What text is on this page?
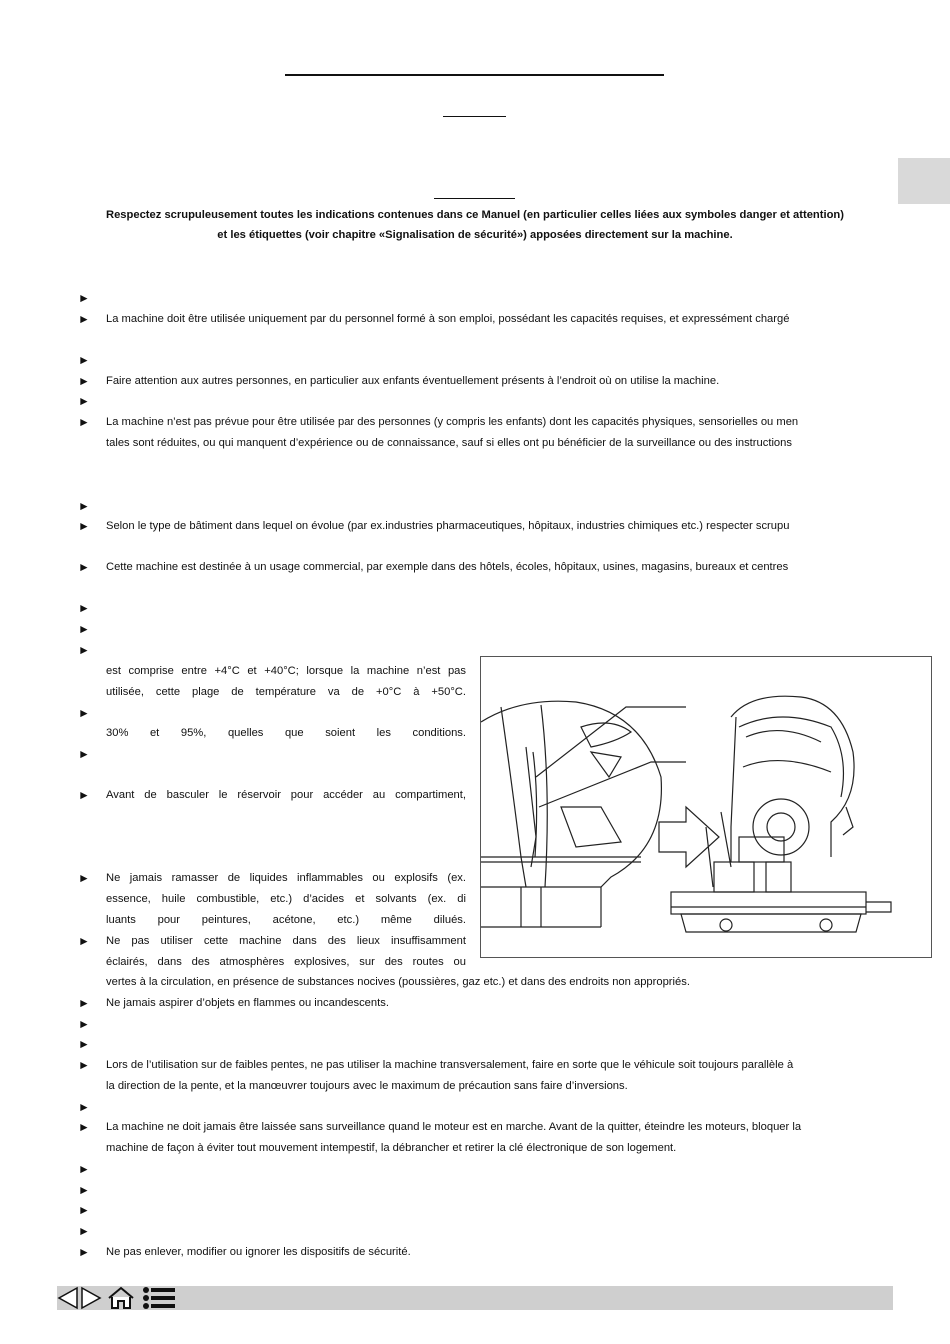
Respectez scrupuleusement toutes les indications contenues dans ce Manuel (en particulier celles liées aux symboles danger et attention)
et les étiquettes (voir chapitre «Signalisation de sécurité») apposées directement sur la machine.
►
► La machine doit être utilisée uniquement par du personnel formé à son emploi, possédant les capacités requises, et expressément chargé
►
► Faire attention aux autres personnes, en particulier aux enfants éventuellement présents à l’endroit où on utilise la machine.
►
► La machine n’est pas prévue pour être utilisée par des personnes (y compris les enfants) dont les capacités physiques, sensorielles ou men
►
► Selon le type de bâtiment dans lequel on évolue (par ex.industries pharmaceutiques, hôpitaux, industries chimiques etc.) respecter scrupu
► Cette machine est destinée à un usage commercial, par exemple dans des hôtels, écoles, hôpitaux, usines, magasins, bureaux et centres
►
►
►
►
►
► Avant de basculer le réservoir pour accéder au compartiment,
► Ne jamais ramasser de liquides inflammables ou explosifs (ex.
► Ne pas utiliser cette machine dans des lieux insuffisamment
► Ne jamais aspirer d’objets en flammes ou incandescents.
►
►
► Lors de l’utilisation sur de faibles pentes, ne pas utiliser la machine transversalement, faire en sorte que le véhicule soit toujours parallèle à
►
► La machine ne doit jamais être laissée sans surveillance quand le moteur est en marche. Avant de la quitter, éteindre les moteurs, bloquer la
►
►
►
►
► Ne pas enlever, modifier ou ignorer les dispositifs de sécurité.
tales sont réduites, ou qui manquent d’expérience ou de connaissance, sauf si elles ont pu bénéficier de la surveillance ou des instructions
est comprise entre +4°C et +40°C; lorsque la machine n’est pas
utilisée, cette plage de température va de +0°C à +50°C.
30% et 95%, quelles que soient les conditions.
essence, huile combustible, etc.) d’acides et solvants (ex. di
luants pour peintures, acétone, etc.) même dilués.
éclairés, dans des atmosphères explosives, sur des routes ou
vertes à la circulation, en présence de substances nocives (poussières, gaz etc.) et dans des endroits non appropriés.
la direction de la pente, et la manœuvrer toujours avec le maximum de précaution sans faire d’inversions.
machine de façon à éviter tout mouvement intempestif, la débrancher et retirer la clé électronique de son logement.
